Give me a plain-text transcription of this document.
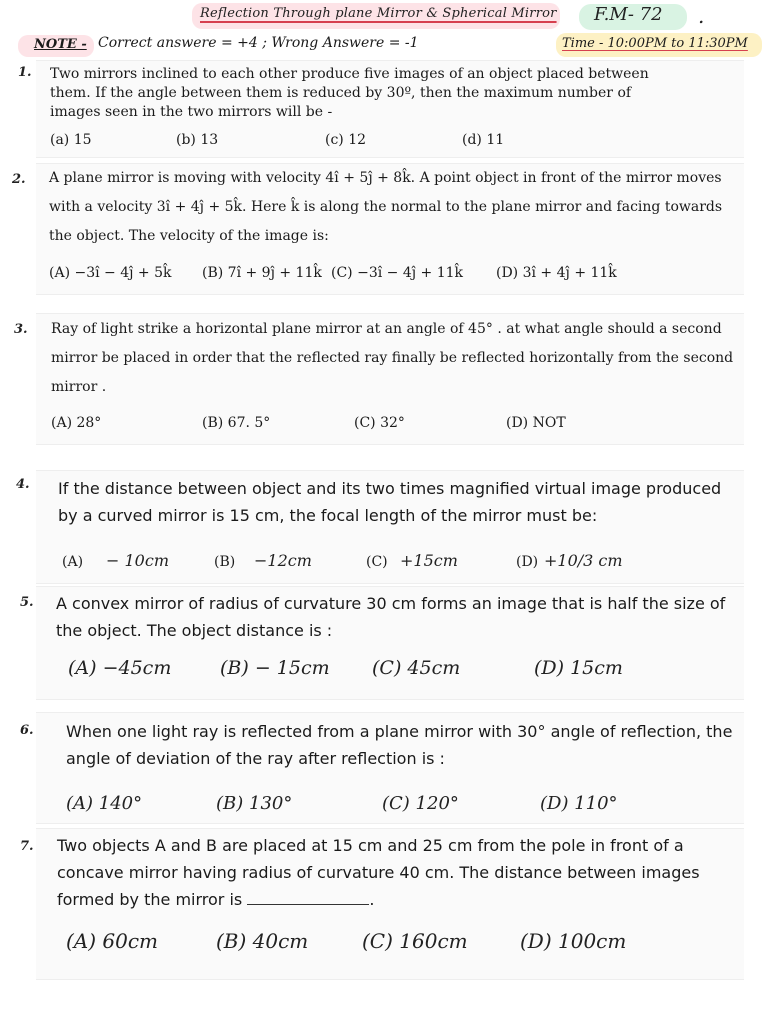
Reflection Through plane Mirror & Spherical Mirror F.M- 72 .
NOTE - Correct answere = +4 ; Wrong Answere = -1	Time - 10:00PM to 11:30PM
1. Two mirrors inclined to each other produce five images of an object placed between them. If the angle between them is reduced by 30º, then the maximum number of images seen in the two mirrors will be -

(a) 15	(b) 13	(c) 12	(d) 11
2. A plane mirror is moving with velocity 4î + 5ĵ + 8k̂. A point object in front of the mirror moves with a velocity 3î + 4ĵ + 5k̂. Here k̂ is along the normal to the plane mirror and facing towards the object. The velocity of the image is:

(A) −3î − 4ĵ + 5k̂ (B) 7î + 9ĵ + 11k̂ (C) −3î − 4ĵ + 11k̂ (D) 3î + 4ĵ + 11k̂
3. Ray of light strike a horizontal plane mirror at an angle of 45° . at what angle should a second mirror be placed in order that the reflected ray finally be reflected horizontally from the second mirror .

(A) 28°	(B) 67. 5°	(C) 32°	(D) NOT
4. If the distance between object and its two times magnified virtual image produced by a curved mirror is 15 cm, the focal length of the mirror must be:

(A) − 10cm	(B) −12cm	(C) +15cm	(D) +10/3 cm
5. A convex mirror of radius of curvature 30 cm forms an image that is half the size of the object. The object distance is :

(A) −45cm	(B) − 15cm (C) 45cm	(D) 15cm
6. When one light ray is reflected from a plane mirror with 30° angle of reflection, the angle of deviation of the ray after reflection is :

(A) 140°	(B) 130°	(C) 120°	(D) 110°
7. Two objects A and B are placed at 15 cm and 25 cm from the pole in front of a concave mirror having radius of curvature 40 cm. The distance between images formed by the mirror is	.

(A) 60cm	(B) 40cm	(C) 160cm	(D) 100cm
